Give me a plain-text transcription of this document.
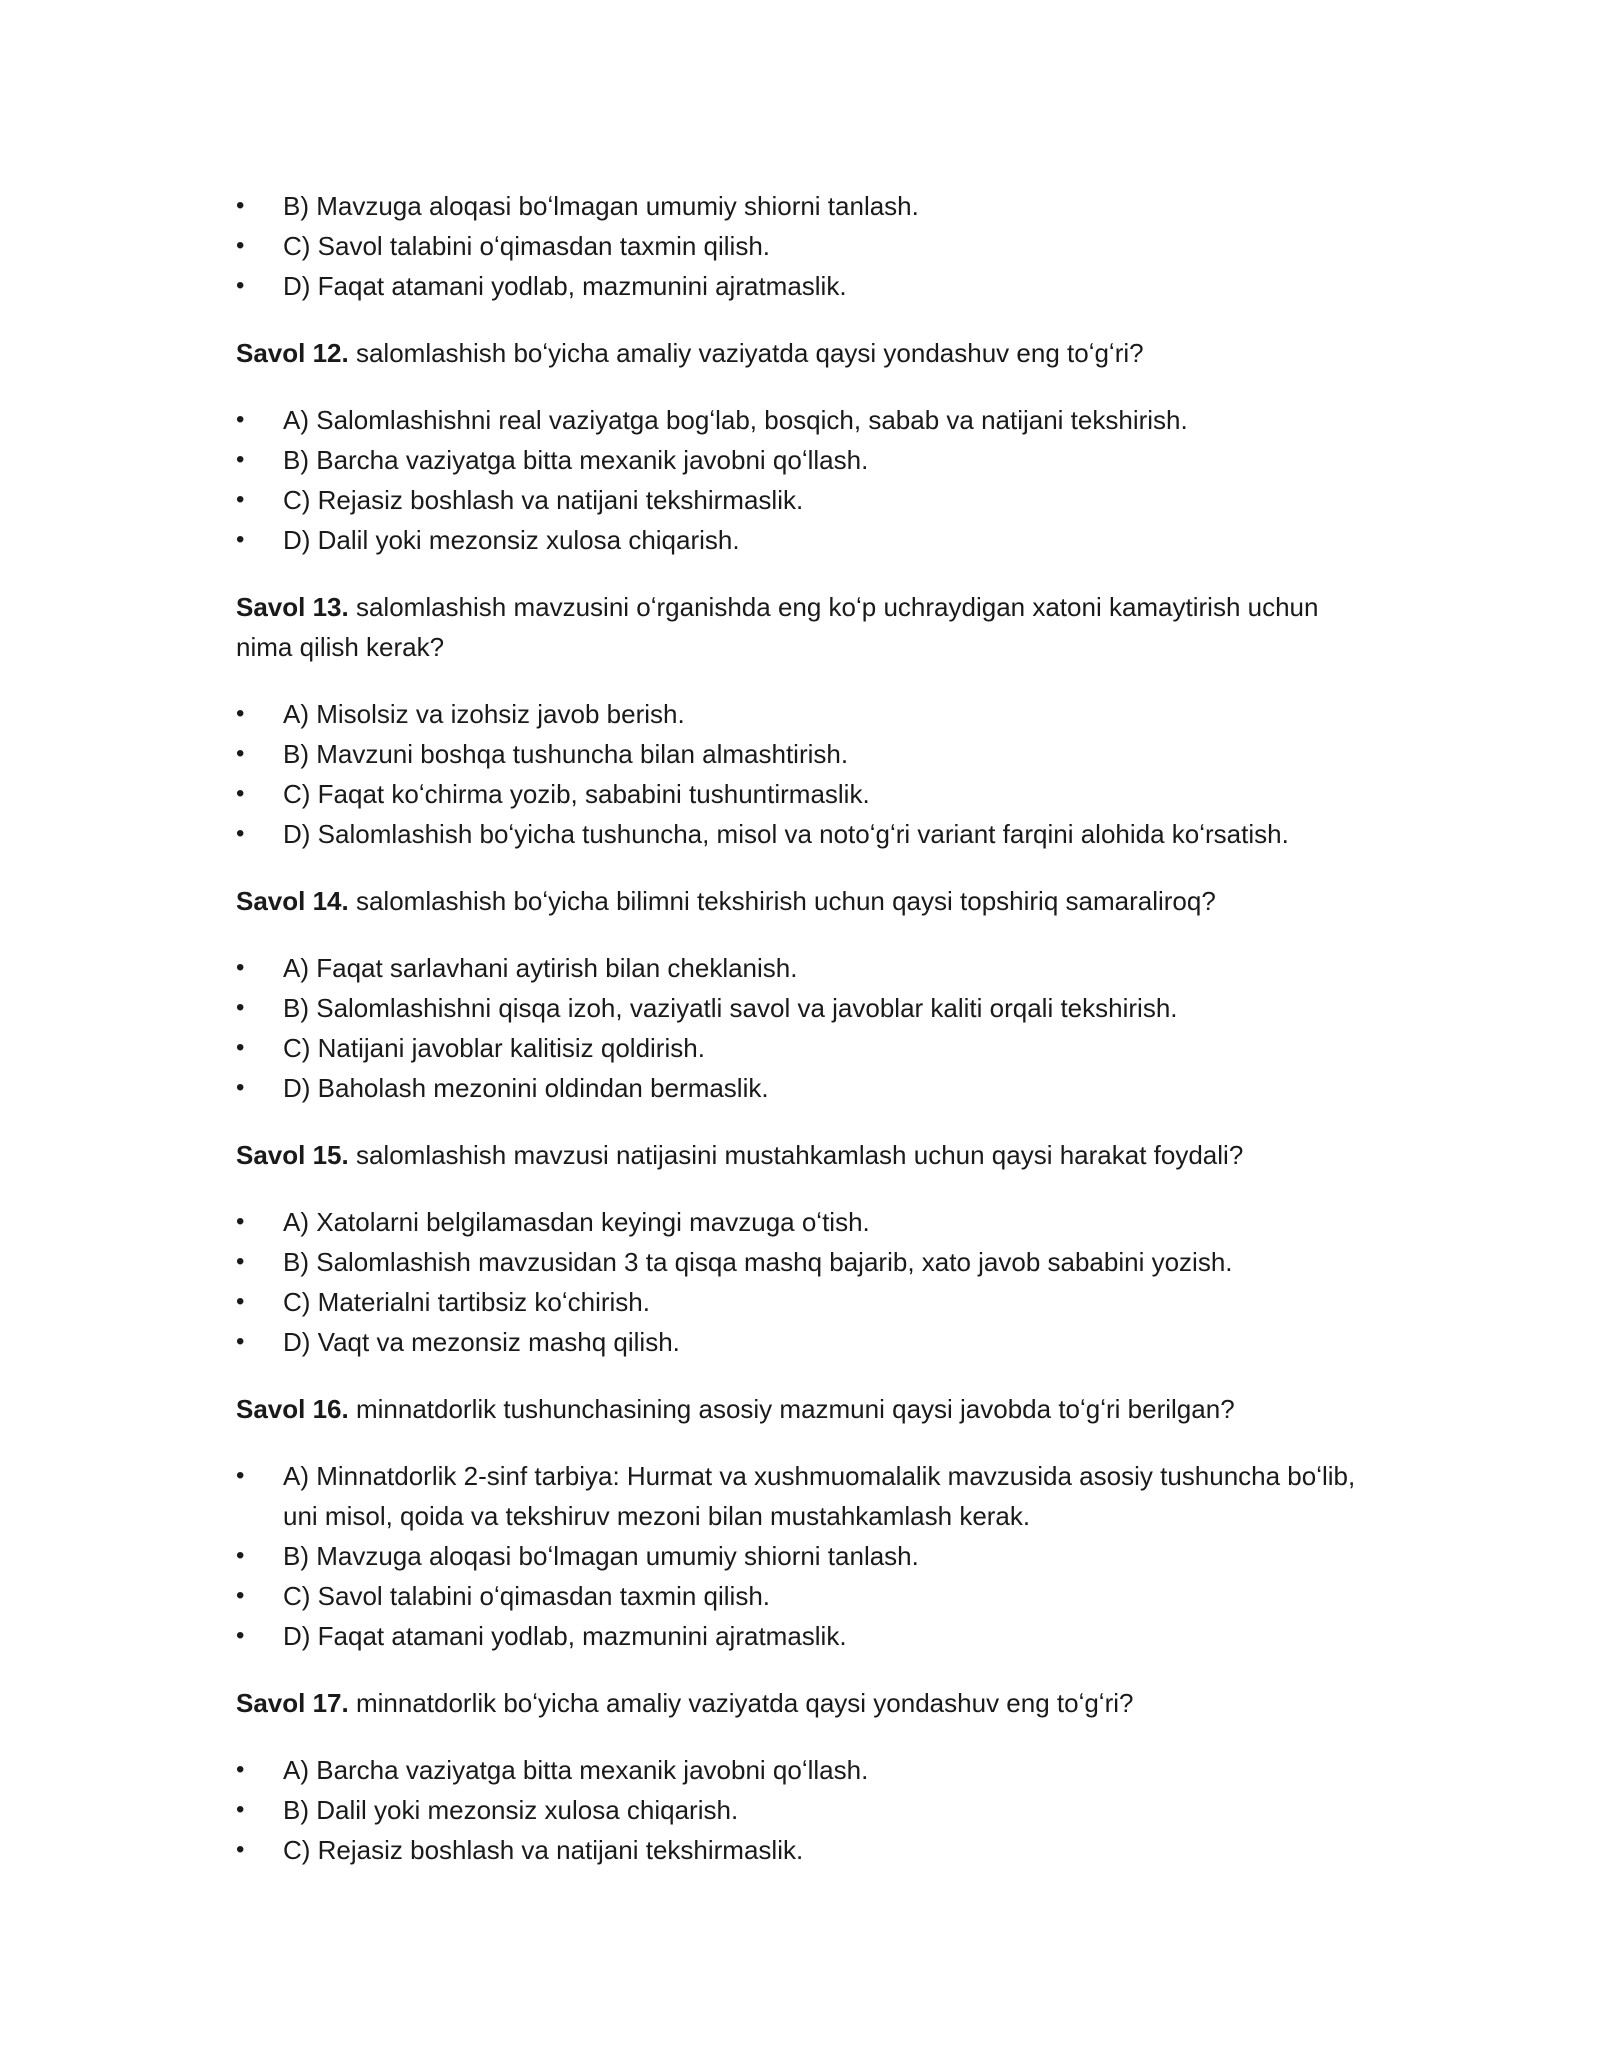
•	B) Mavzuga aloqasi boʻlmagan umumiy shiorni tanlash.
•	C) Savol talabini oʻqimasdan taxmin qilish.
•	D) Faqat atamani yodlab, mazmunini ajratmaslik.

Savol 12. salomlashish boʻyicha amaliy vaziyatda qaysi yondashuv eng toʻgʻri?

•	A) Salomlashishni real vaziyatga bogʻlab, bosqich, sabab va natijani tekshirish.
•	B) Barcha vaziyatga bitta mexanik javobni qoʻllash.
•	C) Rejasiz boshlash va natijani tekshirmaslik.
•	D) Dalil yoki mezonsiz xulosa chiqarish.

Savol 13. salomlashish mavzusini oʻrganishda eng koʻp uchraydigan xatoni kamaytirish uchun nima qilish kerak?

•	A) Misolsiz va izohsiz javob berish.
•	B) Mavzuni boshqa tushuncha bilan almashtirish.
•	C) Faqat koʻchirma yozib, sababini tushuntirmaslik.
•	D) Salomlashish boʻyicha tushuncha, misol va notoʻgʻri variant farqini alohida koʻrsatish.

Savol 14. salomlashish boʻyicha bilimni tekshirish uchun qaysi topshiriq samaraliroq?

•	A) Faqat sarlavhani aytirish bilan cheklanish.
•	B) Salomlashishni qisqa izoh, vaziyatli savol va javoblar kaliti orqali tekshirish.
•	C) Natijani javoblar kalitisiz qoldirish.
•	D) Baholash mezonini oldindan bermaslik.

Savol 15. salomlashish mavzusi natijasini mustahkamlash uchun qaysi harakat foydali?

•	A) Xatolarni belgilamasdan keyingi mavzuga oʻtish.
•	B) Salomlashish mavzusidan 3 ta qisqa mashq bajarib, xato javob sababini yozish.
•	C) Materialni tartibsiz koʻchirish.
•	D) Vaqt va mezonsiz mashq qilish.

Savol 16. minnatdorlik tushunchasining asosiy mazmuni qaysi javobda toʻgʻri berilgan?

•	A) Minnatdorlik 2-sinf tarbiya: Hurmat va xushmuomalalik mavzusida asosiy tushuncha boʻlib, uni misol, qoida va tekshiruv mezoni bilan mustahkamlash kerak.
•	B) Mavzuga aloqasi boʻlmagan umumiy shiorni tanlash.
•	C) Savol talabini oʻqimasdan taxmin qilish.
•	D) Faqat atamani yodlab, mazmunini ajratmaslik.

Savol 17. minnatdorlik boʻyicha amaliy vaziyatda qaysi yondashuv eng toʻgʻri?

•	A) Barcha vaziyatga bitta mexanik javobni qoʻllash.
•	B) Dalil yoki mezonsiz xulosa chiqarish.
•	C) Rejasiz boshlash va natijani tekshirmaslik.
